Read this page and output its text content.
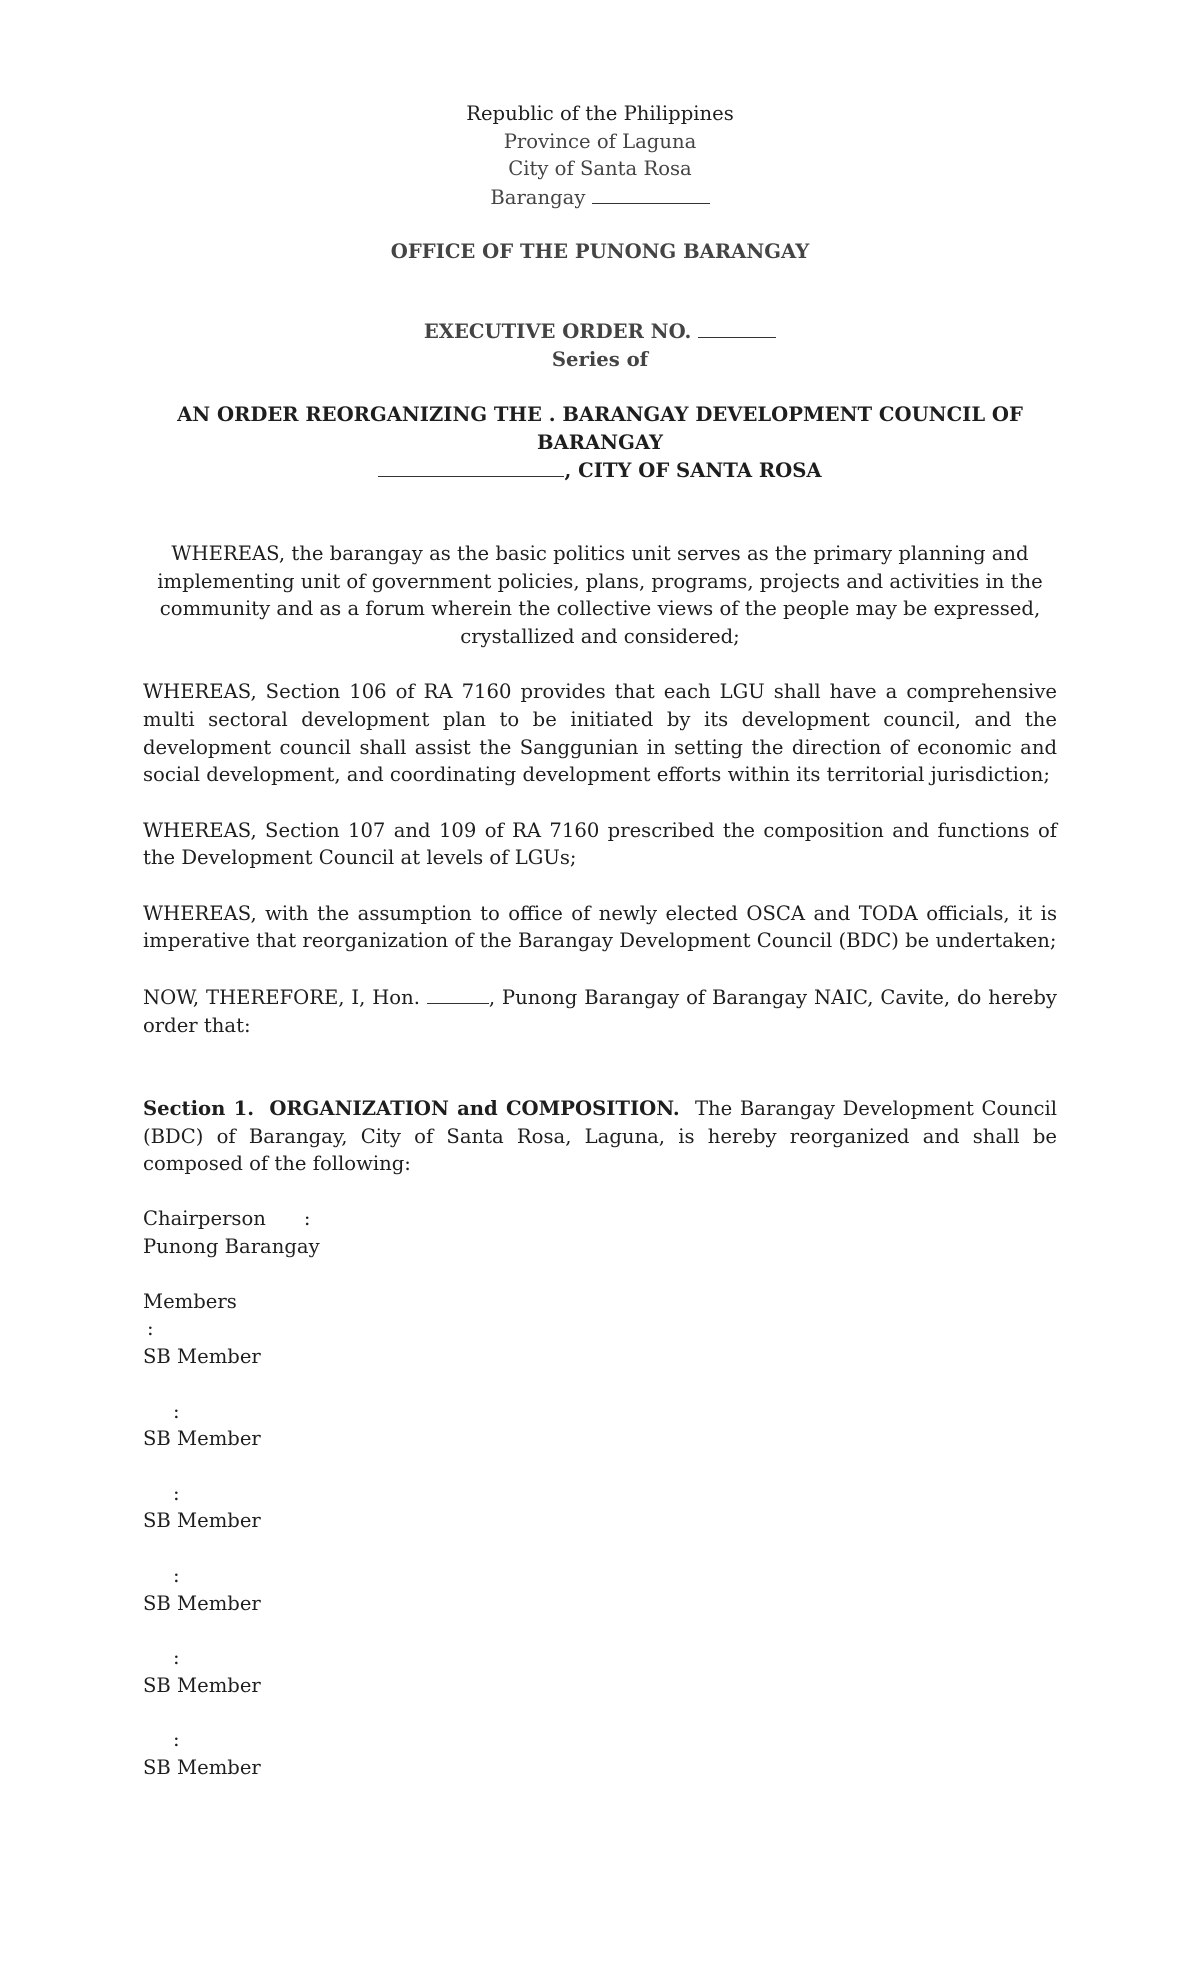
Republic of the Philippines
Province of Laguna
City of Santa Rosa
Barangay
OFFICE OF THE PUNONG BARANGAY
EXECUTIVE ORDER NO.
Series of
AN ORDER REORGANIZING THE . BARANGAY DEVELOPMENT COUNCIL OF BARANGAY
, CITY OF SANTA ROSA
WHEREAS, the barangay as the basic politics unit serves as the primary planning and implementing unit of government policies, plans, programs, projects and activities in the community and as a forum wherein the collective views of the people may be expressed, crystallized and considered;
WHEREAS, Section 106 of RA 7160 provides that each LGU shall have a comprehensive multi sectoral development plan to be initiated by its development council, and the development council shall assist the Sanggunian in setting the direction of economic and social development, and coordinating development efforts within its territorial jurisdiction;
WHEREAS, Section 107 and 109 of RA 7160 prescribed the composition and functions of the Development Council at levels of LGUs;
WHEREAS, with the assumption to office of newly elected OSCA and TODA officials, it is imperative that reorganization of the Barangay Development Council (BDC) be undertaken;
NOW, THEREFORE, I, Hon.	, Punong Barangay of Barangay NAIC, Cavite, do hereby order that:
Section 1. ORGANIZATION and COMPOSITION. The Barangay Development Council (BDC) of Barangay, City of Santa Rosa, Laguna, is hereby reorganized and shall be composed of the following:
Chairperson :
Punong Barangay
Members
:
SB Member
:
SB Member
:
SB Member
:
SB Member
:
SB Member
:
SB Member
